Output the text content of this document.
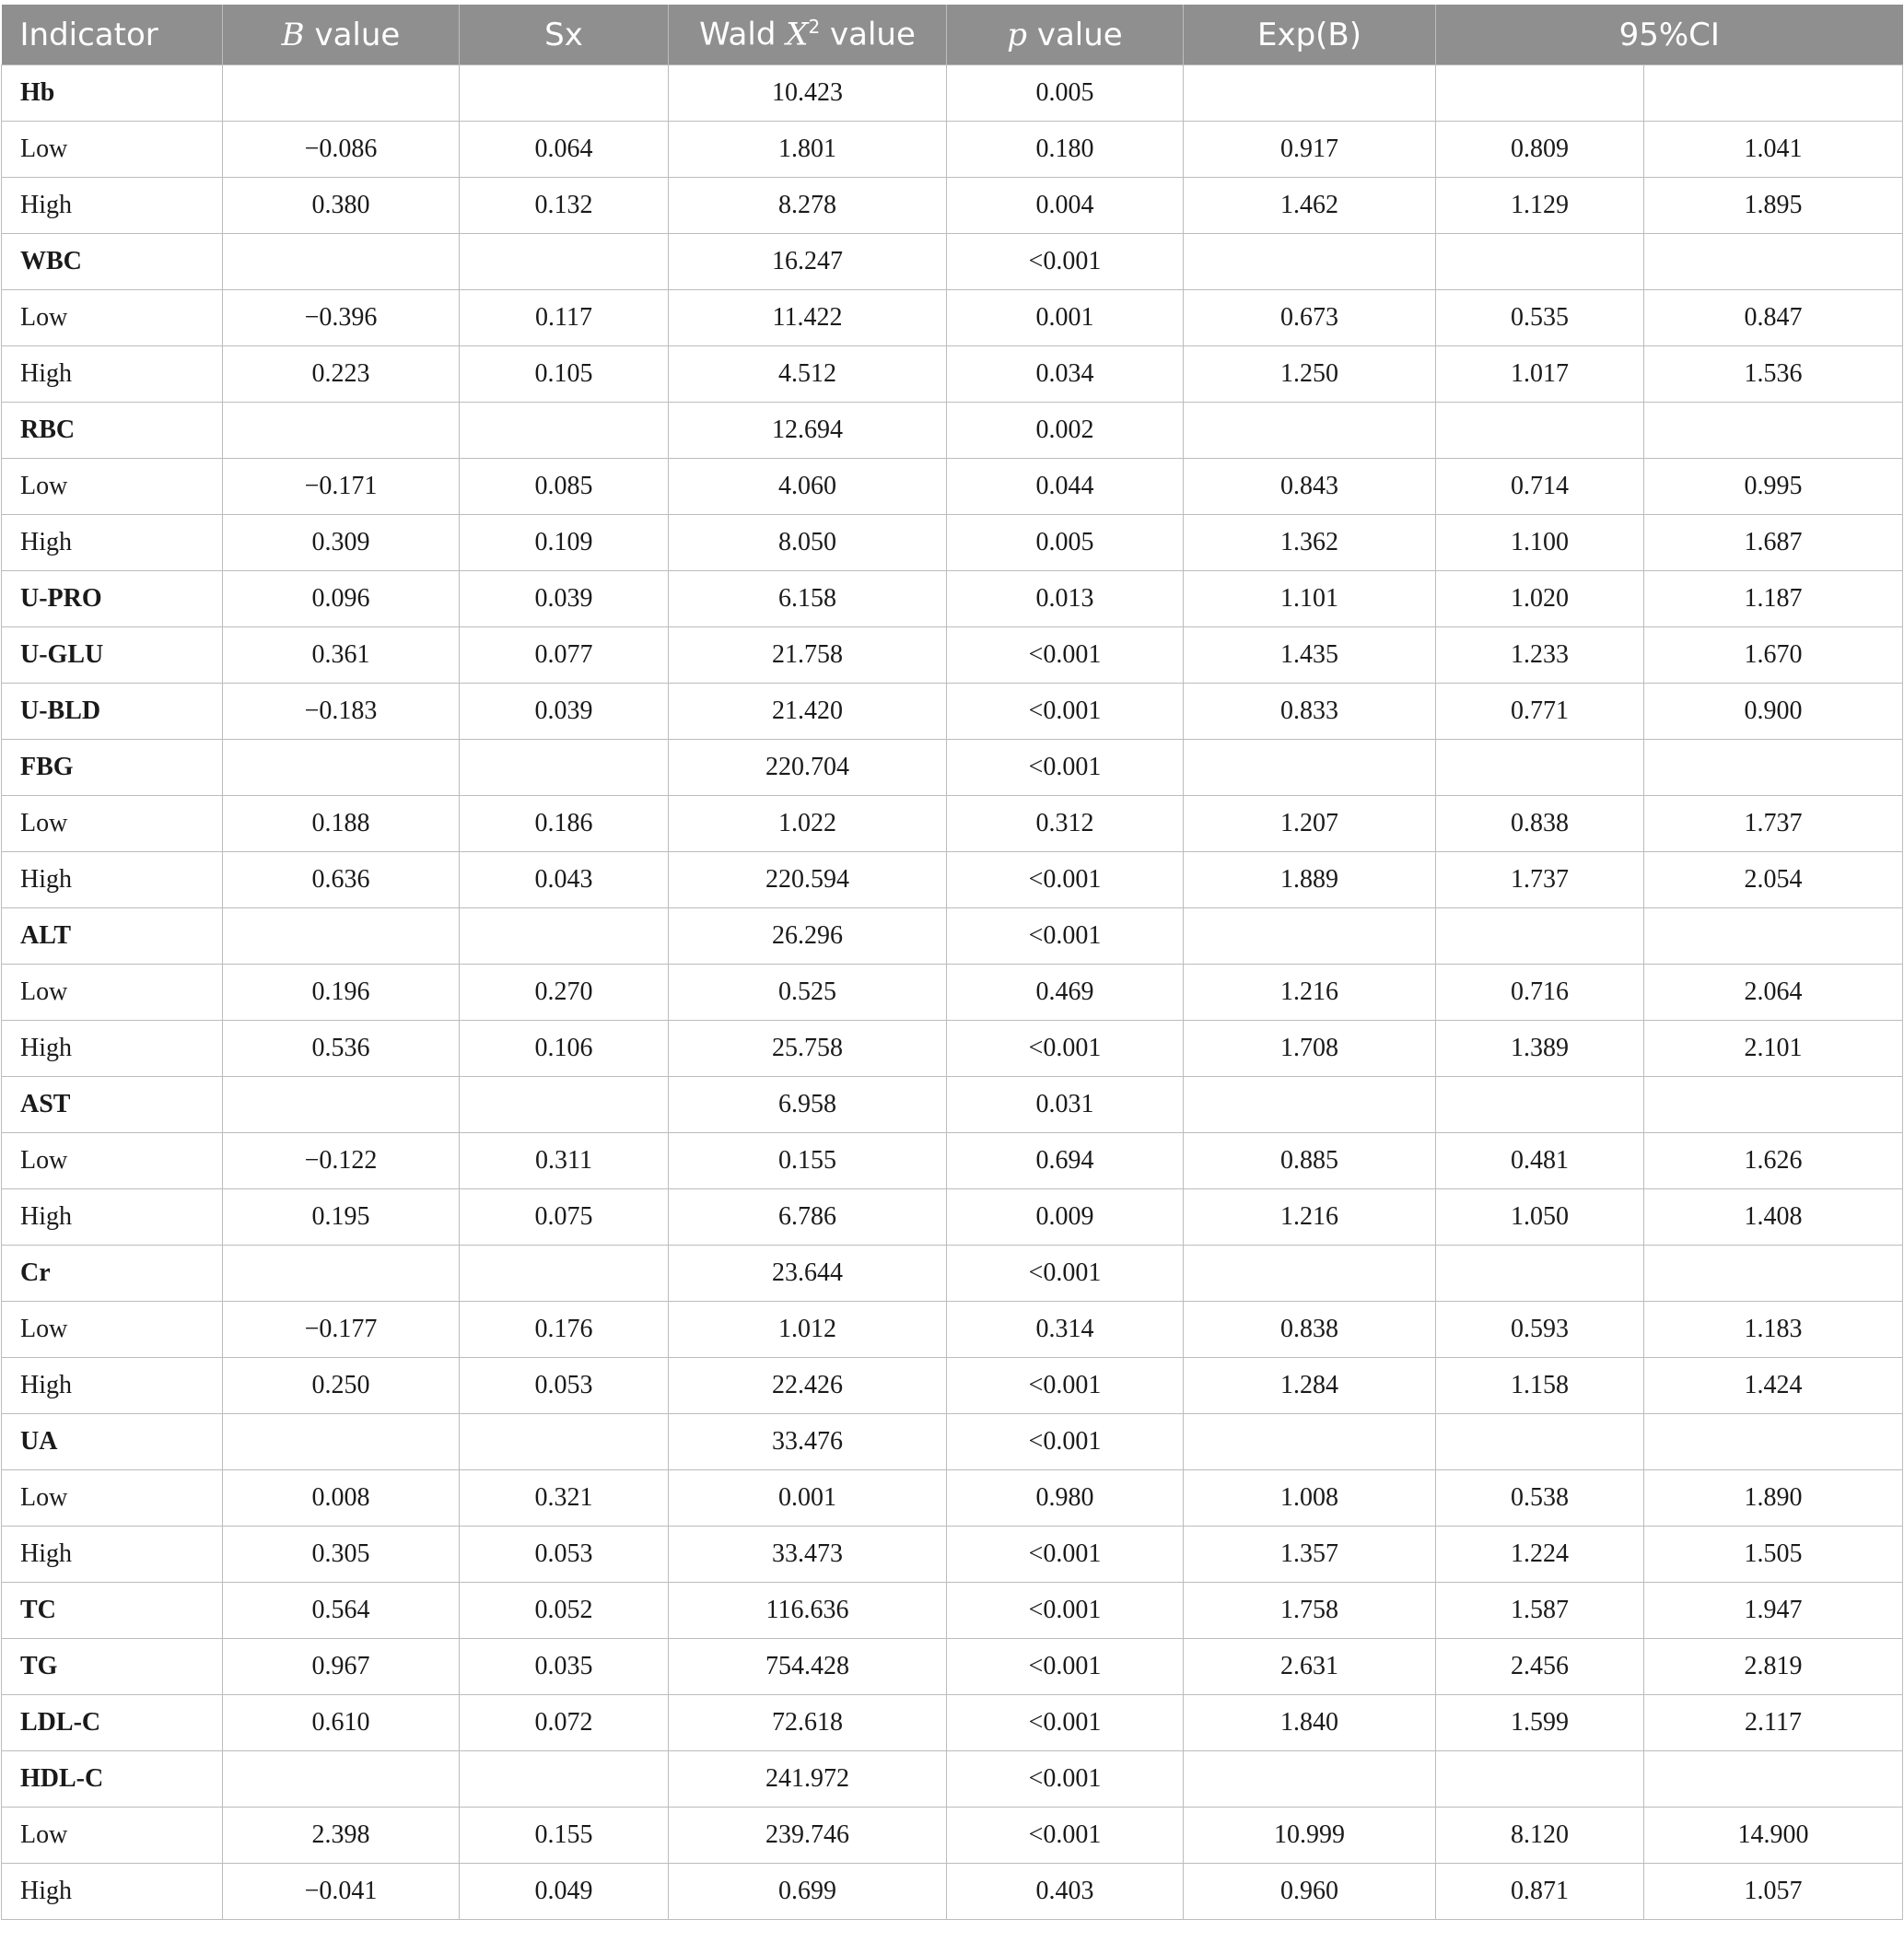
Indicator	B value	Sx	Wald $X^2$ value	p value	Exp(B)	95%CI	
Hb			10.423	0.005			
Low	−0.086	0.064	1.801	0.180	0.917	0.809	1.041
High	0.380	0.132	8.278	0.004	1.462	1.129	1.895
WBC			16.247	<0.001			
Low	−0.396	0.117	11.422	0.001	0.673	0.535	0.847
High	0.223	0.105	4.512	0.034	1.250	1.017	1.536
RBC			12.694	0.002			
Low	−0.171	0.085	4.060	0.044	0.843	0.714	0.995
High	0.309	0.109	8.050	0.005	1.362	1.100	1.687
U-PRO	0.096	0.039	6.158	0.013	1.101	1.020	1.187
U-GLU	0.361	0.077	21.758	<0.001	1.435	1.233	1.670
U-BLD	−0.183	0.039	21.420	<0.001	0.833	0.771	0.900
FBG			220.704	<0.001			
Low	0.188	0.186	1.022	0.312	1.207	0.838	1.737
High	0.636	0.043	220.594	<0.001	1.889	1.737	2.054
ALT			26.296	<0.001			
Low	0.196	0.270	0.525	0.469	1.216	0.716	2.064
High	0.536	0.106	25.758	<0.001	1.708	1.389	2.101
AST			6.958	0.031			
Low	−0.122	0.311	0.155	0.694	0.885	0.481	1.626
High	0.195	0.075	6.786	0.009	1.216	1.050	1.408
Cr			23.644	<0.001			
Low	−0.177	0.176	1.012	0.314	0.838	0.593	1.183
High	0.250	0.053	22.426	<0.001	1.284	1.158	1.424
UA			33.476	<0.001			
Low	0.008	0.321	0.001	0.980	1.008	0.538	1.890
High	0.305	0.053	33.473	<0.001	1.357	1.224	1.505
TC	0.564	0.052	116.636	<0.001	1.758	1.587	1.947
TG	0.967	0.035	754.428	<0.001	2.631	2.456	2.819
LDL-C	0.610	0.072	72.618	<0.001	1.840	1.599	2.117
HDL-C			241.972	<0.001			
Low	2.398	0.155	239.746	<0.001	10.999	8.120	14.900
High	−0.041	0.049	0.699	0.403	0.960	0.871	1.057
